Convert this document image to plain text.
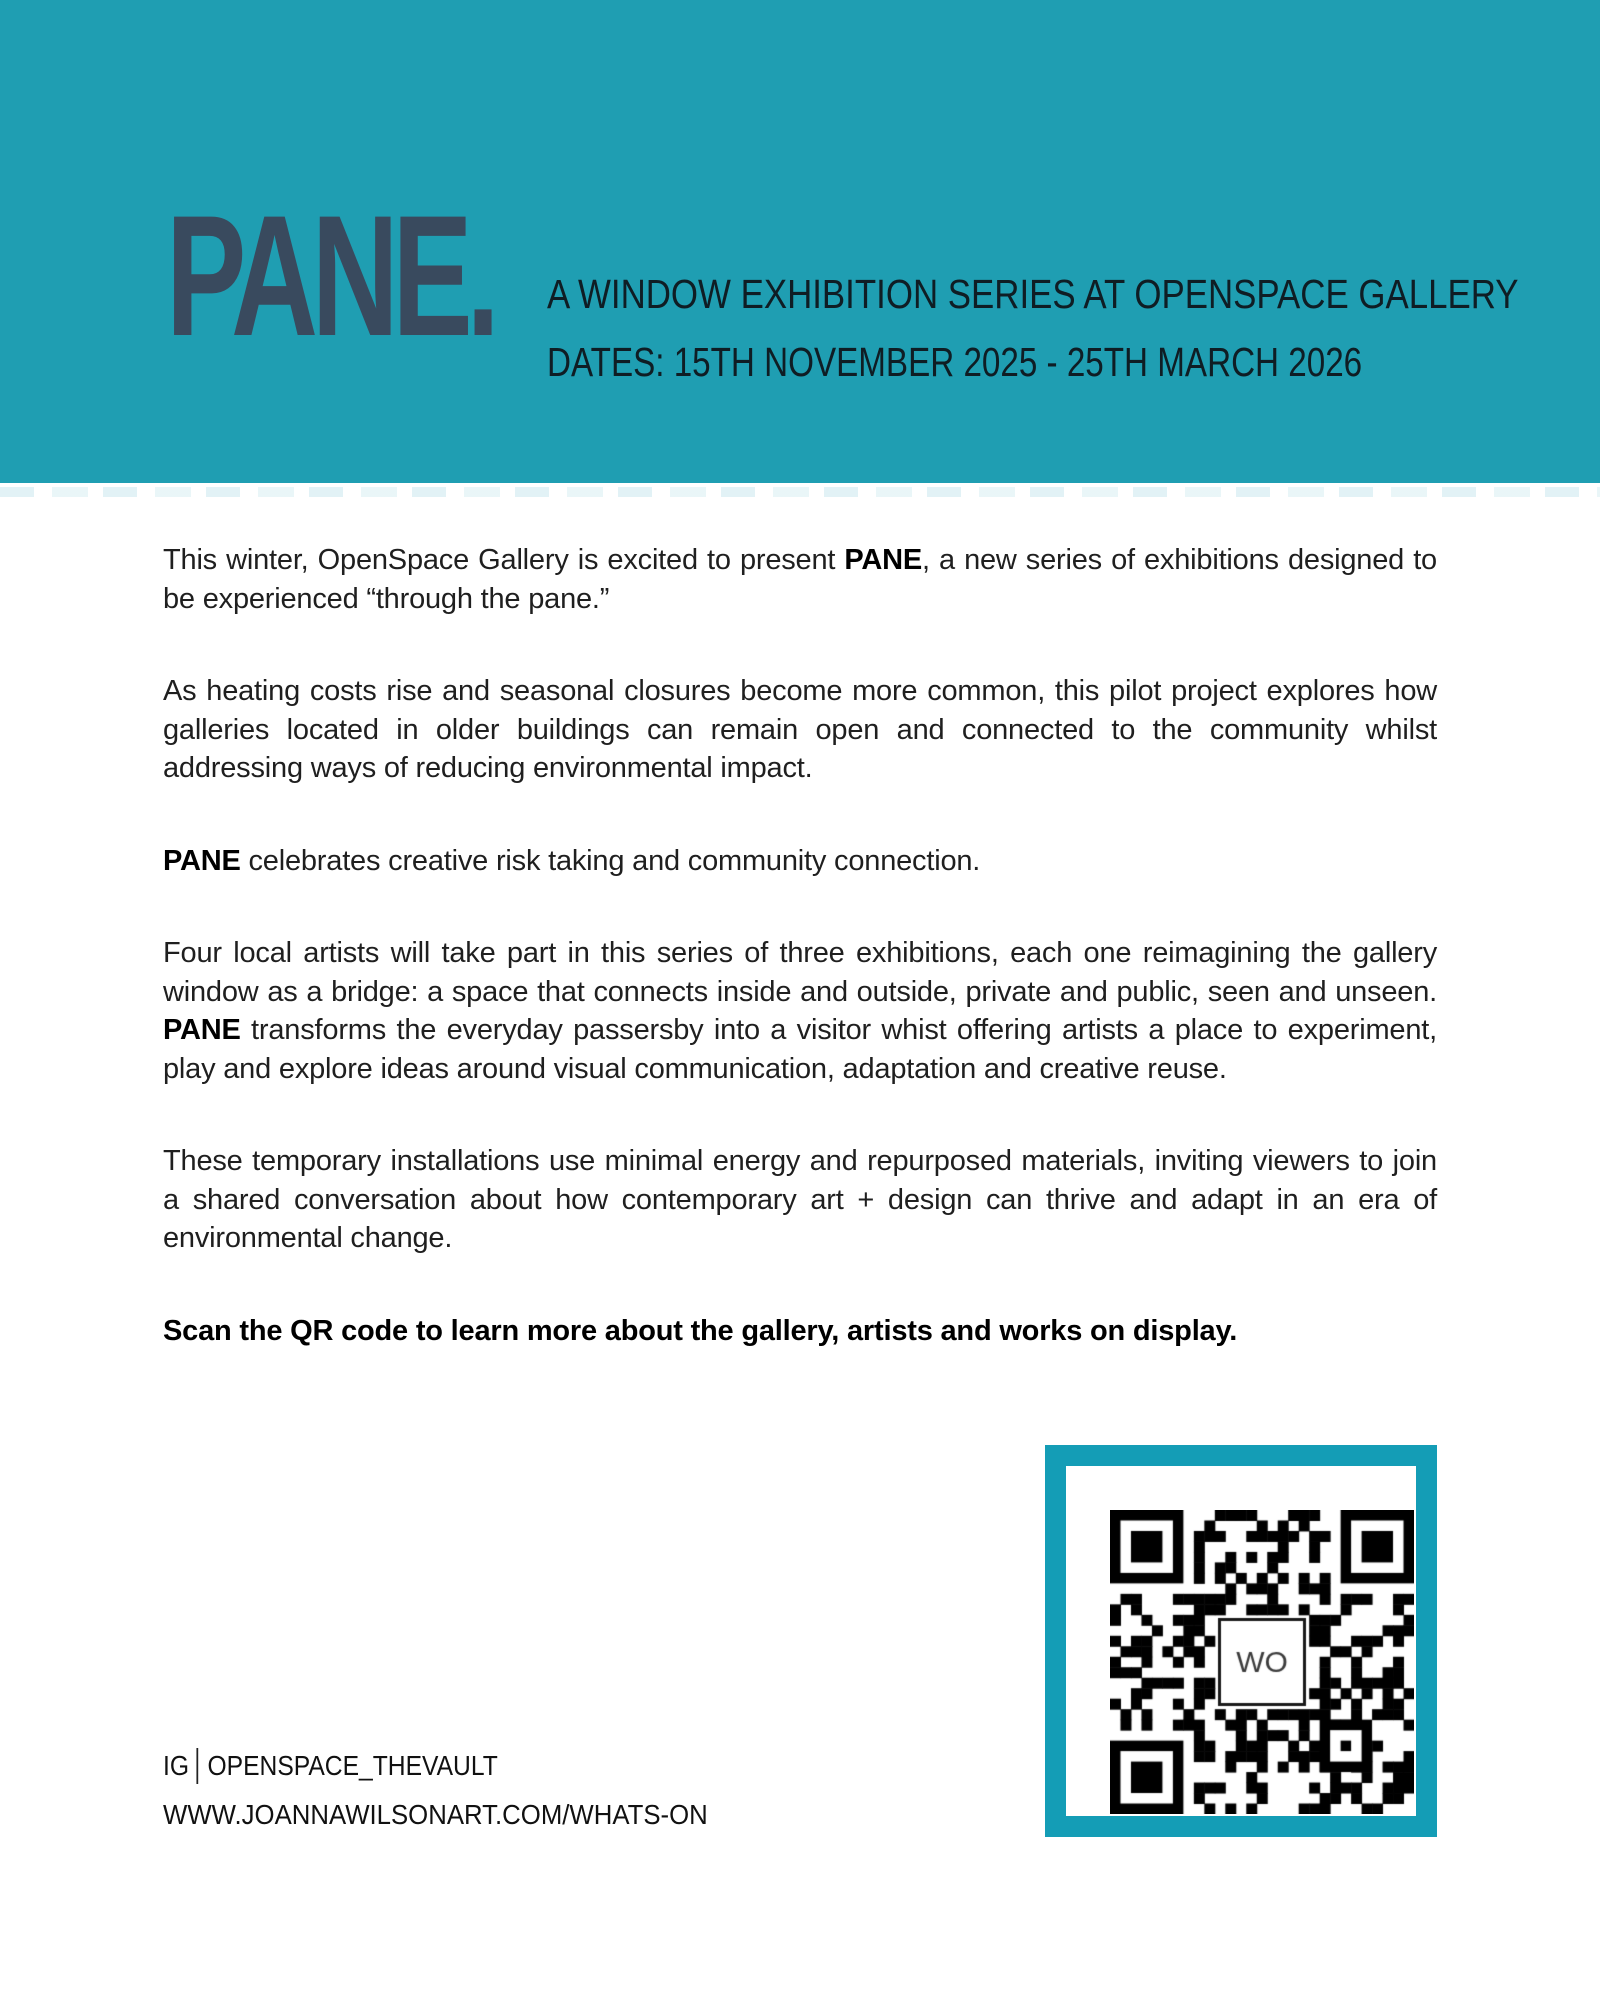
PANE. A WINDOW EXHIBITION SERIES AT OPENSPACE GALLERY
DATES: 15TH NOVEMBER 2025 - 25TH MARCH 2026

This winter, OpenSpace Gallery is excited to present PANE, a new series of exhibitions designed to be experienced “through the pane.”

As heating costs rise and seasonal closures become more common, this pilot project explores how galleries located in older buildings can remain open and connected to the community whilst addressing ways of reducing environmental impact.

PANE celebrates creative risk taking and community connection.

Four local artists will take part in this series of three exhibitions, each one reimagining the gallery window as a bridge: a space that connects inside and outside, private and public, seen and unseen. PANE transforms the everyday passersby into a visitor whist offering artists a place to experiment, play and explore ideas around visual communication, adaptation and creative reuse.

These temporary installations use minimal energy and repurposed materials, inviting viewers to join a shared conversation about how contemporary art + design can thrive and adapt in an era of environmental change.

Scan the QR code to learn more about the gallery, artists and works on display.

IG OPENSPACE_THEVAULT
WWW.JOANNAWILSONART.COM/WHATS-ON
